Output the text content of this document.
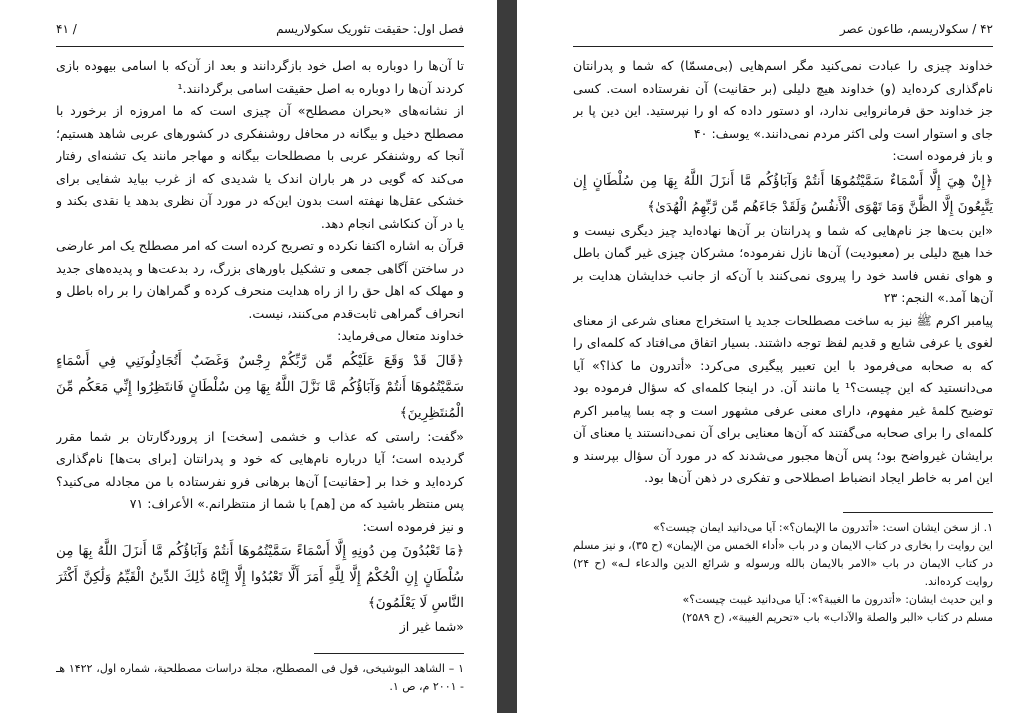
فصل اول: حقیقت تئوریک سکولاریسم
/ ۴۱

تا آن‌ها را دوباره به اصل خود بازگردانند و بعد از آن‌که با اسامی بیهوده بازی کردند آن‌ها را دوباره به اصل حقیقت اسامی برگردانند.¹

از نشانه‌های «بحران مصطلح» آن چیزی است که ما امروزه از برخورد با مصطلح دخیل و بیگانه در محافل روشنفکری در کشورهای عربی شاهد هستیم؛ آنجا که روشنفکر عربی با مصطلحات بیگانه و مهاجر مانند یک تشنه‌ای رفتار می‌کند که گویی در هر باران اندک یا شدیدی که از غرب بیاید شفایی برای خشکی عقل‌ها نهفته است بدون این‌که در مورد آن نظری بدهد یا نقدی بکند و یا در آن کنکاشی انجام دهد.

قرآن به اشاره اکتفا نکرده و تصریح کرده است که امر مصطلح یک امر عارضی در ساختن آگاهی جمعی و تشکیل باورهای بزرگ، رد بدعت‌ها و پدیده‌های جدید و مهلک که اهل حق را از راه هدایت منحرف کرده و گمراهان را بر راه باطل و انحراف گمراهی ثابت‌قدم می‌کنند، نیست.

خداوند متعال می‌فرماید:

﴿قَالَ قَدْ وَقَعَ عَلَيْكُم مِّن رَّبِّكُمْ رِجْسٌ وَغَضَبٌ أَتُجَادِلُونَنِي فِي أَسْمَاءٍ سَمَّيْتُمُوهَا أَنتُمْ وَآبَاؤُكُم مَّا نَزَّلَ اللَّهُ بِهَا مِن سُلْطَانٍ فَانتَظِرُوا إِنِّي مَعَكُم مِّنَ الْمُنتَظِرِينَ﴾

«گفت: راستی که عذاب و خشمی [سخت] از پروردگارتان بر شما مقرر گردیده است؛ آیا درباره نام‌هایی که خود و پدرانتان [برای بت‌ها] نام‌گذاری کرده‌اید و خدا بر [حقانیت] آن‌ها برهانی فرو نفرستاده با من مجادله می‌کنید؟ پس منتظر باشید که من [هم] با شما از منتظرانم.» الأعراف: ۷۱

و نیز فرموده است:

﴿مَا تَعْبُدُونَ مِن دُونِهِ إِلَّا أَسْمَاءً سَمَّيْتُمُوهَا أَنتُمْ وَآبَاؤُكُم مَّا أَنزَلَ اللَّهُ بِهَا مِن سُلْطَانٍ إِنِ الْحُكْمُ إِلَّا لِلَّهِ أَمَرَ أَلَّا تَعْبُدُوا إِلَّا إِيَّاهُ ذَٰلِكَ الدِّينُ الْقَيِّمُ وَلَٰكِنَّ أَكْثَرَ النَّاسِ لَا يَعْلَمُونَ﴾

«شما غیر از

١ – الشاهد البوشیخی، قول فی المصطلح، مجلة دراسات مصطلحیة، شماره اول، ۱۴۲۲ هـ - ۲۰۰۱ م، ص ۱.

۴۲ / سکولاریسم، طاعون عصر

خداوند چیزی را عبادت نمی‌کنید مگر اسم‌هایی (بی‌مسمّا) که شما و پدرانتان نام‌گذاری کرده‌اید (و) خداوند هیچ دلیلی (بر حقانیت) آن نفرستاده است. کسی جز خداوند حق فرمانروایی ندارد، او دستور داده که او را نپرستید. این دین پا بر جای و استوار است ولی اکثر مردم نمی‌دانند.» یوسف: ۴۰

و باز فرموده است:

﴿إِنْ هِيَ إِلَّا أَسْمَاءٌ سَمَّيْتُمُوهَا أَنتُمْ وَآبَاؤُكُم مَّا أَنزَلَ اللَّهُ بِهَا مِن سُلْطَانٍ إِن يَتَّبِعُونَ إِلَّا الظَّنَّ وَمَا تَهْوَى الْأَنفُسُ وَلَقَدْ جَاءَهُم مِّن رَّبِّهِمُ الْهُدَىٰ﴾

«این بت‌ها جز نام‌هایی که شما و پدرانتان بر آن‌ها نهاده‌اید چیز دیگری نیست و خدا هیچ دلیلی بر (معبودیت) آن‌ها نازل نفرموده؛ مشرکان چیزی غیر گمان باطل و هوای نفس فاسد خود را پیروی نمی‌کنند با آن‌که از جانب خدایشان هدایت بر آن‌ها آمد.» النجم: ۲۳

پیامبر اکرم ﷺ نیز به ساخت مصطلحات جدید یا استخراج معنای شرعی از معنای لغوی یا عرفی شایع و قدیم لفظ توجه داشتند. بسیار اتفاق می‌افتاد که کلمه‌ای را که به صحابه می‌فرمود با این تعبیر پیگیری می‌کرد: «أتدرون ما کذا؟» آیا می‌دانستید که این چیست؟¹ یا مانند آن. در اینجا کلمه‌ای که سؤال فرموده بود توضیح کلمهٔ غیر مفهوم، دارای معنی عرفی مشهور است و چه بسا پیامبر اکرم کلمه‌ای را برای صحابه می‌گفتند که آن‌ها معنایی برای آن نمی‌دانستند یا معنای آن برایشان غیرواضح بود؛ پس آن‌ها مجبور می‌شدند که در مورد آن سؤال بپرسند و این امر به خاطر ایجاد انضباط اصطلاحی و تفکری در ذهن آن‌ها بود.

١. از سخن ایشان است: «أتدرون ما الإیمان؟»: آیا می‌دانید ایمان چیست؟»

این روایت را بخاری در کتاب الایمان و در باب «أداء الخمس من الإیمان» (ح ۳۵)، و نیز مسلم در کتاب الایمان در باب «الامر بالایمان بالله ورسوله و شرائع الدین والدعاء لـه» (ح ۲۴) روایت کرده‌اند.

و این حدیث ایشان: «أتدرون ما الغیبة؟»: آیا می‌دانید غیبت چیست؟»

مسلم در کتاب «البر والصلة والآداب» باب «تحریم الغیبة»، (ح ۲۵۸۹)
